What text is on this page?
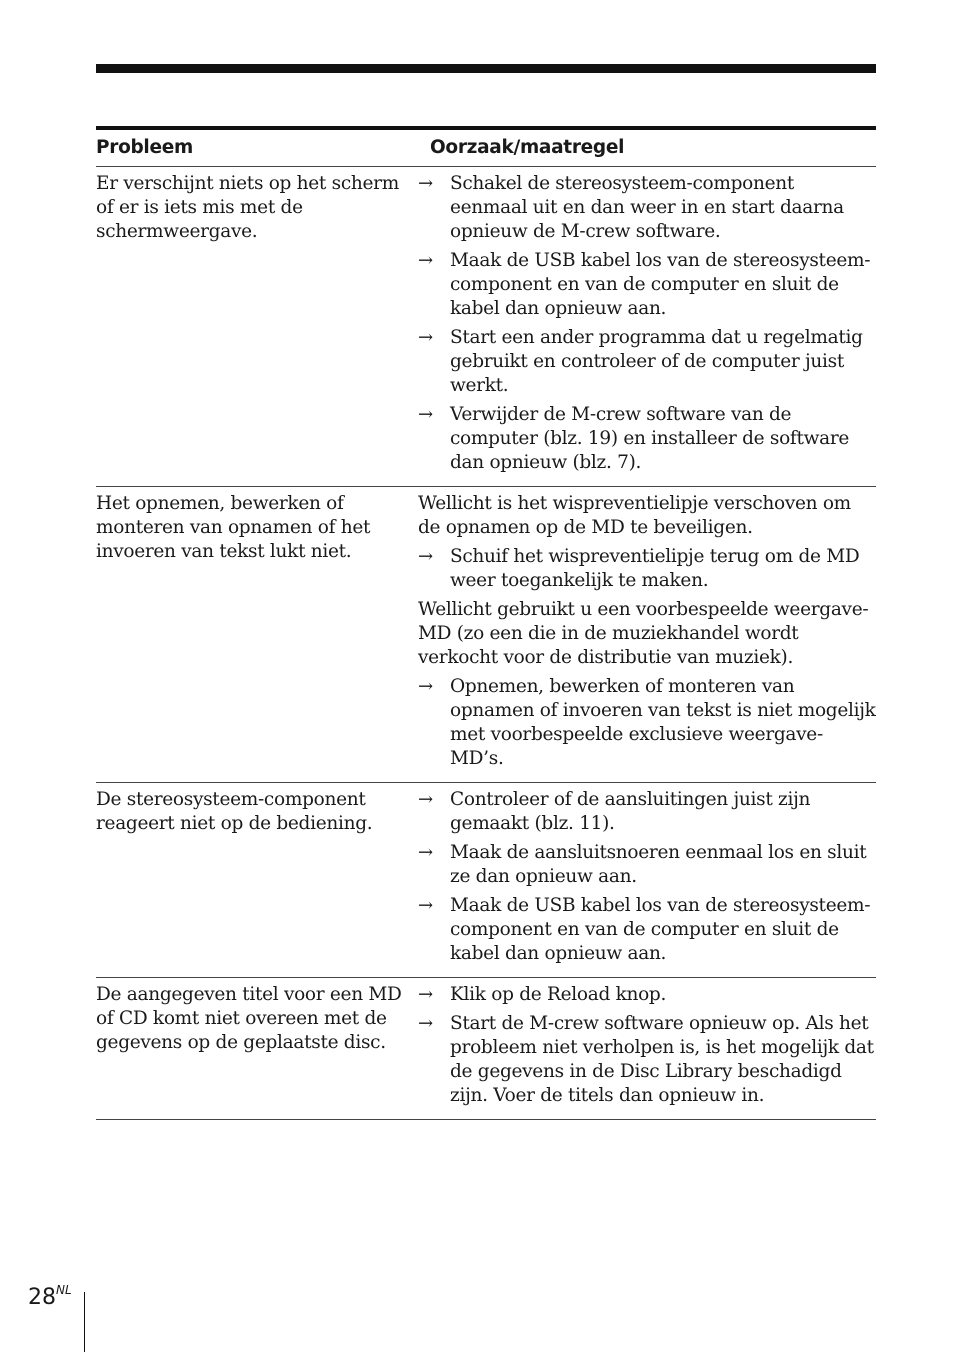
Probleem	Oorzaak/maatregel
Er verschijnt niets op het scherm of er is iets mis met de schermweergave.
→ Schakel de stereosysteem-component eenmaal uit en dan weer in en start daarna opnieuw de M-crew software.
→ Maak de USB kabel los van de stereosysteem-component en van de computer en sluit de kabel dan opnieuw aan.
→ Start een ander programma dat u regelmatig gebruikt en controleer of de computer juist werkt.
→ Verwijder de M-crew software van de computer (blz. 19) en installeer de software dan opnieuw (blz. 7).
Het opnemen, bewerken of monteren van opnamen of het invoeren van tekst lukt niet.
Wellicht is het wispreventielipje verschoven om de opnamen op de MD te beveiligen.
→ Schuif het wispreventielipje terug om de MD weer toegankelijk te maken.
Wellicht gebruikt u een voorbespeelde weergave-MD (zo een die in de muziekhandel wordt verkocht voor de distributie van muziek).
→ Opnemen, bewerken of monteren van opnamen of invoeren van tekst is niet mogelijk met voorbespeelde exclusieve weergave-MD’s.
De stereosysteem-component reageert niet op de bediening.
→ Controleer of de aansluitingen juist zijn gemaakt (blz. 11).
→ Maak de aansluitsnoeren eenmaal los en sluit ze dan opnieuw aan.
→ Maak de USB kabel los van de stereosysteem-component en van de computer en sluit de kabel dan opnieuw aan.
De aangegeven titel voor een MD of CD komt niet overeen met de gegevens op de geplaatste disc.
→ Klik op de Reload knop.
→ Start de M-crew software opnieuw op. Als het probleem niet verholpen is, is het mogelijk dat de gegevens in de Disc Library beschadigd zijn. Voer de titels dan opnieuw in.
$28^{NL}$
